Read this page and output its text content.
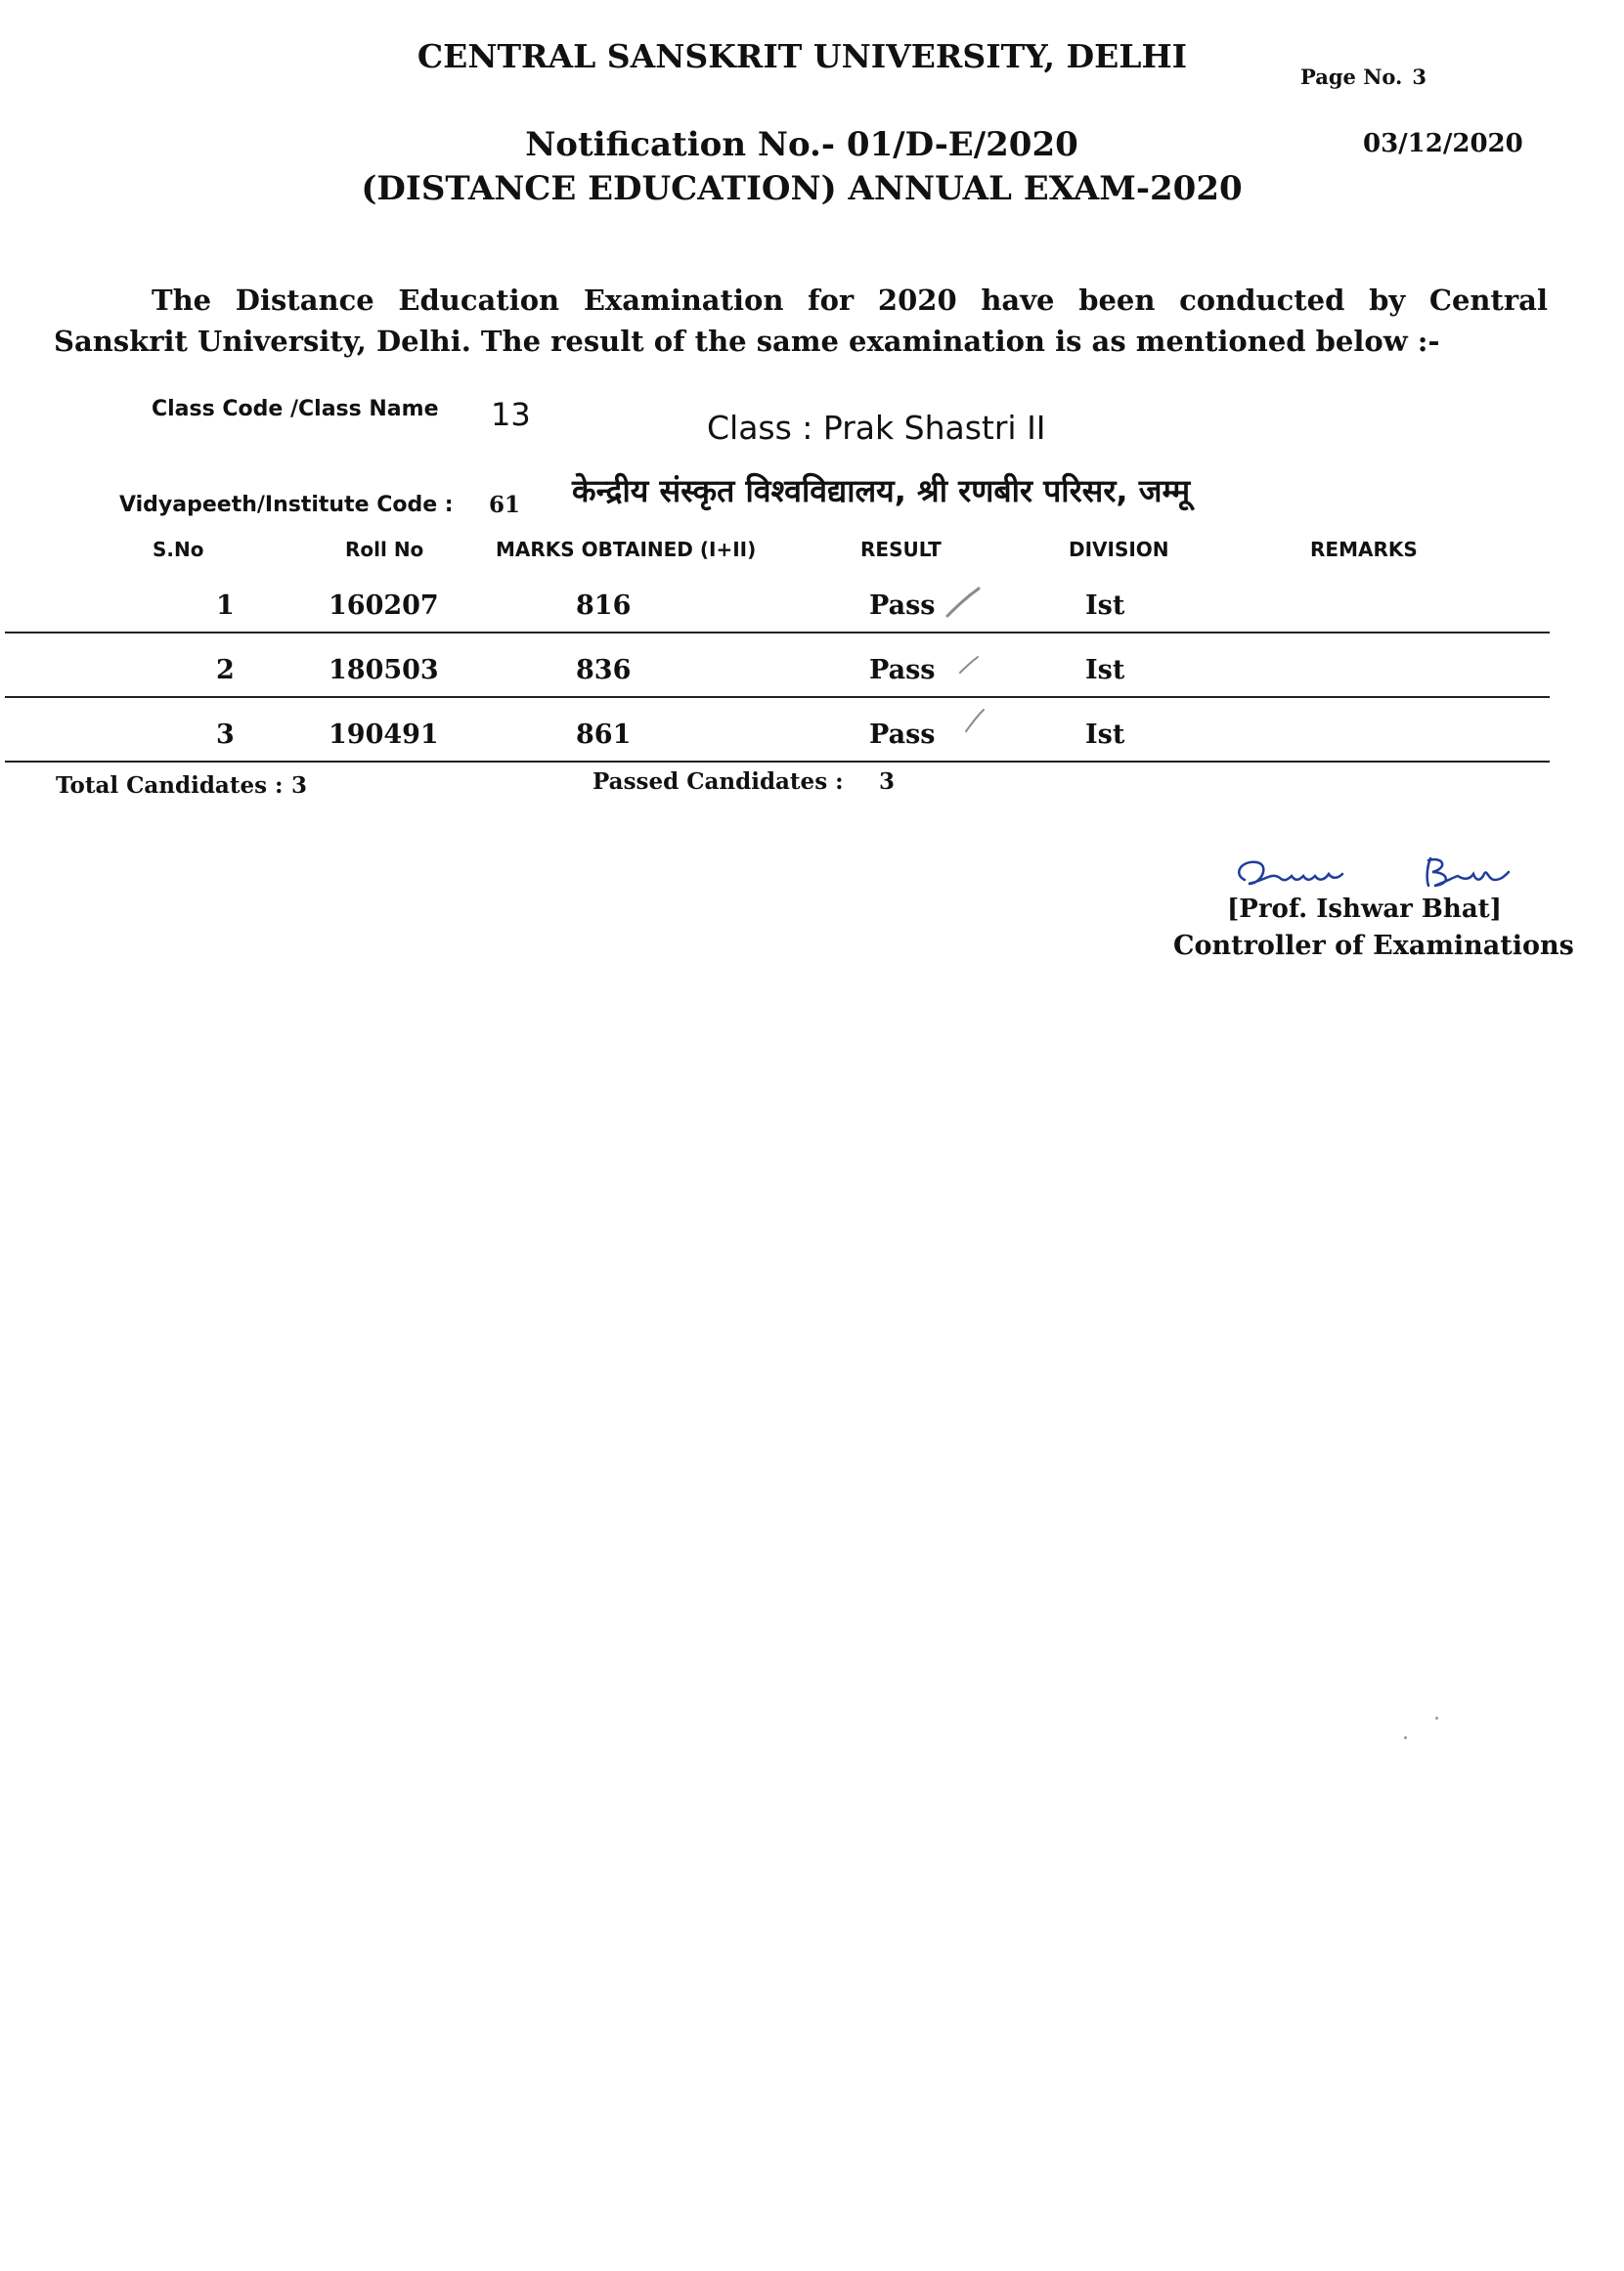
CENTRAL SANSKRIT UNIVERSITY, DELHI
Page No. 3
Notification No.- 01/D-E/2020	03/12/2020
(DISTANCE EDUCATION) ANNUAL EXAM-2020
The Distance Education Examination for 2020 have been conducted by Central Sanskrit University, Delhi. The result of the same examination is as mentioned below :-
Class Code /Class Name 13	Class : Prak Shastri II
Vidyapeeth/Institute Code : 61 केन्द्रीय संस्कृत विश्वविद्यालय, श्री रणबीर परिसर, जम्मू
S.No	Roll No	MARKS OBTAINED (I+II)	RESULT	DIVISION	REMARKS
1	160207	816	Pass	Ist
2	180503	836	Pass	Ist
3	190491	861	Pass	Ist
Total Candidates : 3	Passed Candidates : 3
[Prof. Ishwar Bhat]
Controller of Examinations
